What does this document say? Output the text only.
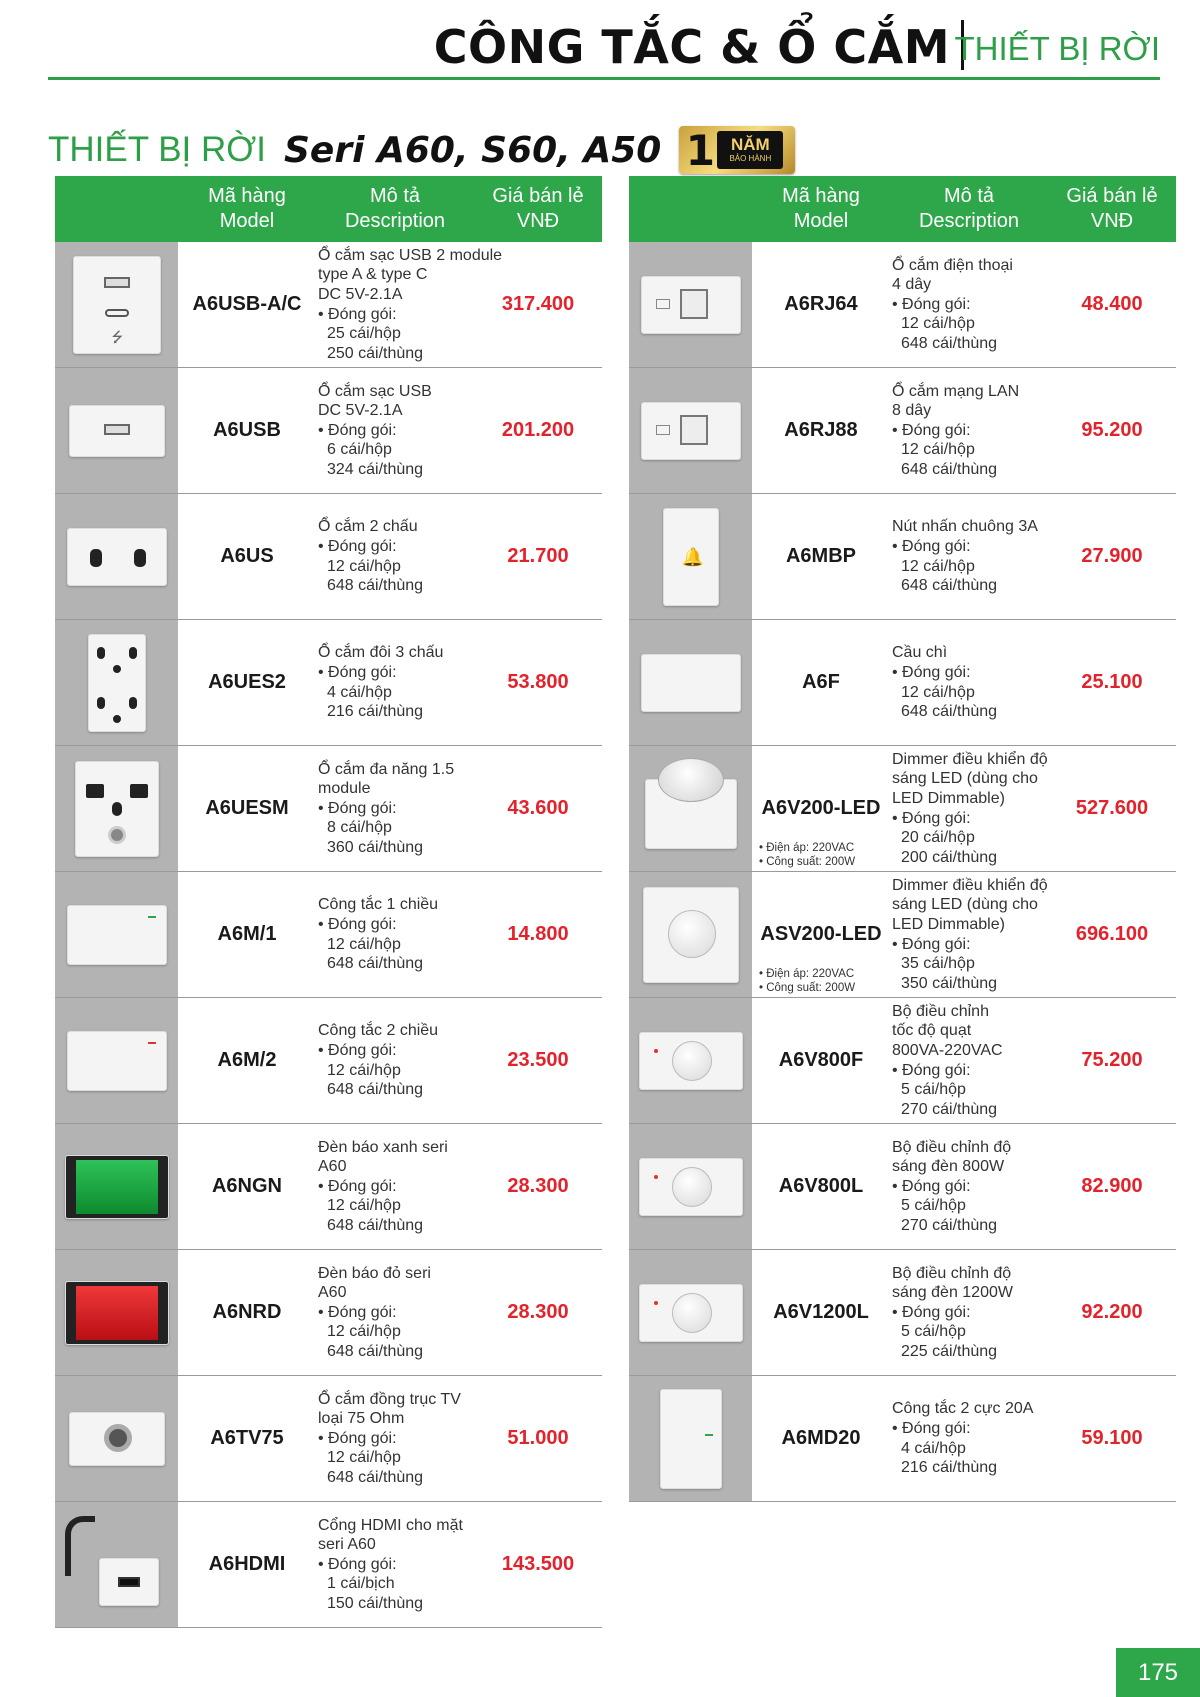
CÔNG TẮC & Ổ CẮM THIẾT BỊ RỜI
THIẾT BỊ RỜI Seri A60, S60, A50 1 NĂM
BẢO HÀNH
Mã hàng
Model
Mô tả
Description
Giá bán lẻ
VNĐ
⭍
A6USB-A/C
Ổ cắm sạc USB 2 module
type A & type C
DC 5V-2.1A
• Đóng gói:
25 cái/hộp
250 cái/thùng
317.400
A6USB
Ổ cắm sạc USB
DC 5V-2.1A
• Đóng gói:
6 cái/hộp
324 cái/thùng
201.200
A6US
Ổ cắm 2 chấu
• Đóng gói:
12 cái/hộp
648 cái/thùng
21.700
A6UES2
Ổ cắm đôi 3 chấu
• Đóng gói:
4 cái/hộp
216 cái/thùng
53.800
A6UESM
Ổ cắm đa năng 1.5
module
• Đóng gói:
8 cái/hộp
360 cái/thùng
43.600
A6M/1
Công tắc 1 chiều
• Đóng gói:
12 cái/hộp
648 cái/thùng
14.800
A6M/2
Công tắc 2 chiều
• Đóng gói:
12 cái/hộp
648 cái/thùng
23.500
A6NGN
Đèn báo xanh seri
A60
• Đóng gói:
12 cái/hộp
648 cái/thùng
28.300
A6NRD
Đèn báo đỏ seri
A60
• Đóng gói:
12 cái/hộp
648 cái/thùng
28.300
A6TV75
Ổ cắm đồng trục TV
loại 75 Ohm
• Đóng gói:
12 cái/hộp
648 cái/thùng
51.000
A6HDMI
Cổng HDMI cho mặt
seri A60
• Đóng gói:
1 cái/bịch
150 cái/thùng
143.500
Mã hàng
Model
Mô tả
Description
Giá bán lẻ
VNĐ
A6RJ64
Ổ cắm điện thoại
4 dây
• Đóng gói:
12 cái/hộp
648 cái/thùng
48.400
A6RJ88
Ổ cắm mạng LAN
8 dây
• Đóng gói:
12 cái/hộp
648 cái/thùng
95.200
🔔	A6MBP
Nút nhấn chuông 3A
• Đóng gói:
12 cái/hộp
648 cái/thùng
27.900
A6F
Cầu chì
• Đóng gói:
12 cái/hộp
648 cái/thùng
25.100
A6V200-LED
Dimmer điều khiển độ
sáng LED (dùng cho
LED Dimmable)
• Đóng gói:
20 cái/hộp
200 cái/thùng
527.600
• Điện áp: 220VAC
• Công suất: 200W
ASV200-LED
Dimmer điều khiển độ
sáng LED (dùng cho
LED Dimmable)
• Đóng gói:
35 cái/hộp
350 cái/thùng
696.100
• Điện áp: 220VAC
• Công suất: 200W
A6V800F
Bộ điều chỉnh
tốc độ quạt
800VA-220VAC
• Đóng gói:
5 cái/hộp
270 cái/thùng
75.200
A6V800L
Bộ điều chỉnh độ
sáng đèn 800W
• Đóng gói:
5 cái/hộp
270 cái/thùng
82.900
A6V1200L
Bộ điều chỉnh độ
sáng đèn 1200W
• Đóng gói:
5 cái/hộp
225 cái/thùng
92.200
A6MD20
Công tắc 2 cực 20A
• Đóng gói:
4 cái/hộp
216 cái/thùng
59.100
175
